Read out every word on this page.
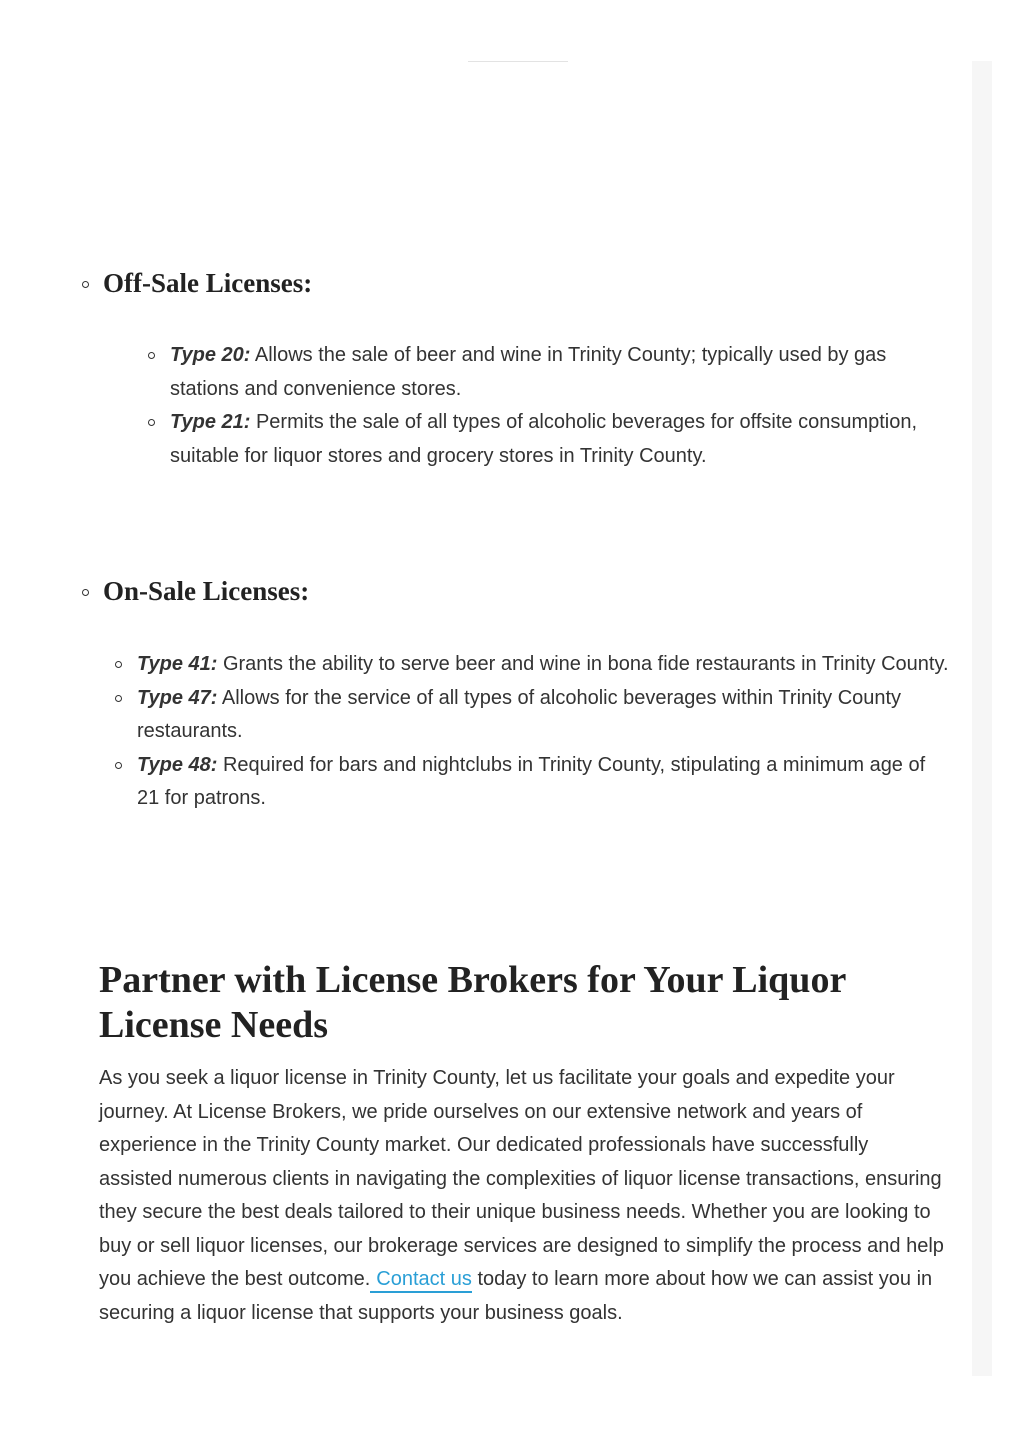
Off-Sale Licenses:
Type 20: Allows the sale of beer and wine in Trinity County; typically used by gas stations and convenience stores.
Type 21: Permits the sale of all types of alcoholic beverages for offsite consumption, suitable for liquor stores and grocery stores in Trinity County.
On-Sale Licenses:
Type 41: Grants the ability to serve beer and wine in bona fide restaurants in Trinity County.
Type 47: Allows for the service of all types of alcoholic beverages within Trinity County restaurants.
Type 48: Required for bars and nightclubs in Trinity County, stipulating a minimum age of 21 for patrons.
Partner with License Brokers for Your Liquor License Needs

As you seek a liquor license in Trinity County, let us facilitate your goals and expedite your journey. At License Brokers, we pride ourselves on our extensive network and years of experience in the Trinity County market. Our dedicated professionals have successfully assisted numerous clients in navigating the complexities of liquor license transactions, ensuring they secure the best deals tailored to their unique business needs. Whether you are looking to buy or sell liquor licenses, our brokerage services are designed to simplify the process and help you achieve the best outcome. Contact us today to learn more about how we can assist you in securing a liquor license that supports your business goals.
